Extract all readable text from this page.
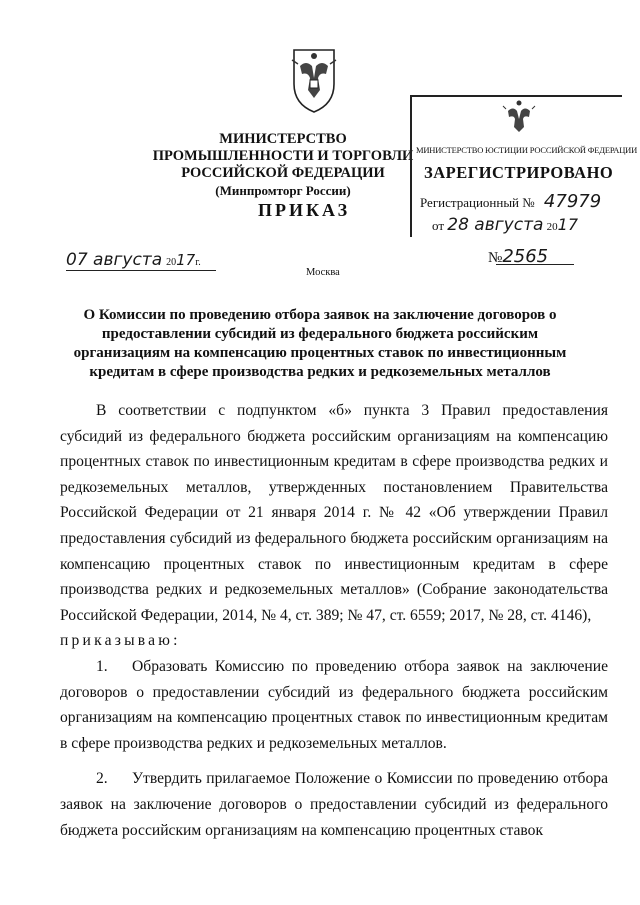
МИНИСТЕРСТВО ПРОМЫШЛЕННОСТИ И ТОРГОВЛИ
РОССИЙСКОЙ ФЕДЕРАЦИИ
(Минпромторг России)
ПРИКАЗ
МИНИСТЕРСТВО ЮСТИЦИИ РОССИЙСКОЙ ФЕДЕРАЦИИ
ЗАРЕГИСТРИРОВАНО
Регистрационный № 47979
от 28 августа 2017
07 августа 2017г.	№2565
Москва
О Комиссии по проведению отбора заявок на заключение договоров о предоставлении субсидий из федерального бюджета российским организациям на компенсацию процентных ставок по инвестиционным кредитам в сфере производства редких и редкоземельных металлов

В соответствии с подпунктом «б» пункта 3 Правил предоставления субсидий из федерального бюджета российским организациям на компенсацию процентных ставок по инвестиционным кредитам в сфере производства редких и редкоземельных металлов, утвержденных постановлением Правительства Российской Федерации от 21 января 2014 г. № 42 «Об утверждении Правил предоставления субсидий из федерального бюджета российским организациям на компенсацию процентных ставок по инвестиционным кредитам в сфере производства редких и редкоземельных металлов» (Собрание законодательства Российской Федерации, 2014, № 4, ст. 389; № 47, ст. 6559; 2017, № 28, ст. 4146),

приказываю:

1. Образовать Комиссию по проведению отбора заявок на заключение договоров о предоставлении субсидий из федерального бюджета российским организациям на компенсацию процентных ставок по инвестиционным кредитам в сфере производства редких и редкоземельных металлов.

2. Утвердить прилагаемое Положение о Комиссии по проведению отбора заявок на заключение договоров о предоставлении субсидий из федерального бюджета российским организациям на компенсацию процентных ставок
